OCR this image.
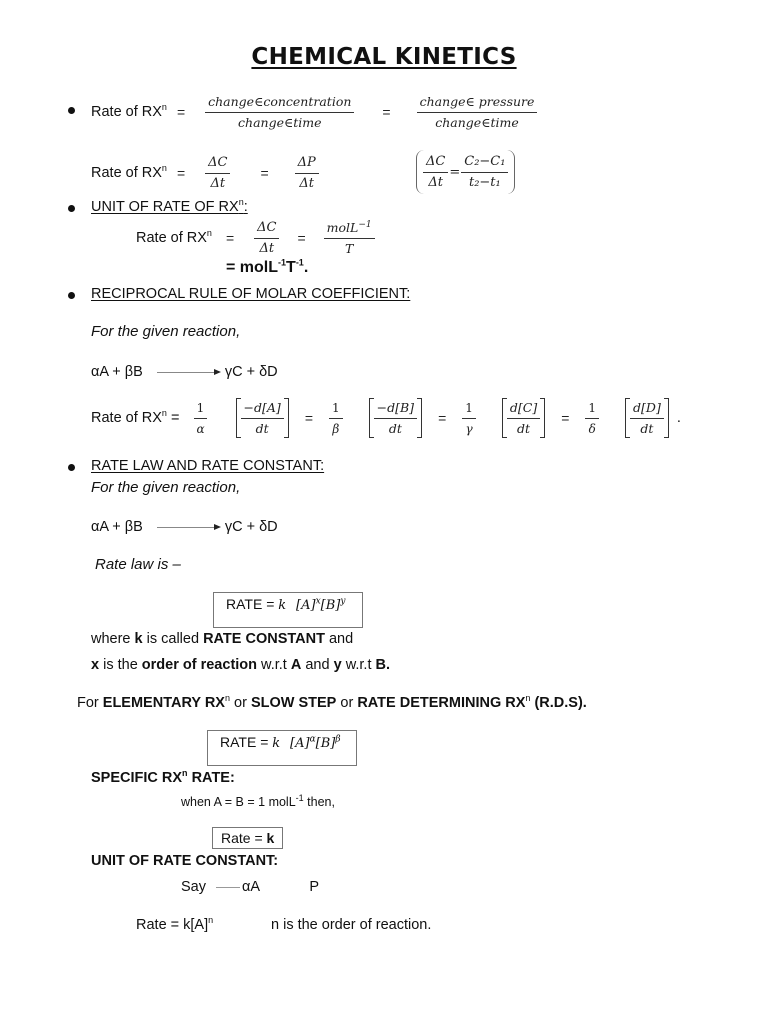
CHEMICAL KINETICS
Rate of $RX^n = \frac{\text{change∈concentration}}{\text{change∈time}} = \frac{\text{change∈ pressure}}{\text{change∈time}}$
Rate of $RX^n = \frac{\Delta C}{\Delta t} = \frac{\Delta P}{\Delta t}$	$\frac{\Delta C}{\Delta t} = \frac{\text{C₂−C₁}}{\text{t₂−t₁}}$
UNIT OF RATE OF $RX^n$:
Rate of $RX^n = \frac{\Delta C}{\Delta t} = \frac{molL^{-1}}{T}$
= $molL^{-1}T^{-1}$.
RECIPROCAL RULE OF MOLAR COEFFICIENT:
For the given reaction,
αA + βB	γC + δD
Rate of $RX^n = \frac{1}{\alpha}$	$\frac{-d[A]}{dt} = \frac{1}{\beta} \frac{-d[B]}{dt} = \frac{1}{\gamma} \frac{d[C]}{dt} = \frac{1}{\delta} \frac{d[D]}{dt}$ .
RATE LAW AND RATE CONSTANT:
For the given reaction,
αA + βB	γC + δD
Rate law is –
RATE = k $[A]^x[B]^y$
where k is called RATE CONSTANT and
x is the order of reaction w.r.t A and y w.r.t B.
For ELEMENTARY $RX^n$ or SLOW STEP or RATE DETERMINING $RX^n$ (R.D.S).
RATE = k $[A]^\alpha[B]^\beta$
SPECIFIC $RX^n$ RATE:
when A = B = 1 molL$^{-1}$ then,
Rate = k
UNIT OF RATE CONSTANT:
Say αA	P
Rate = $k[A]^n$	n is the order of reaction.
